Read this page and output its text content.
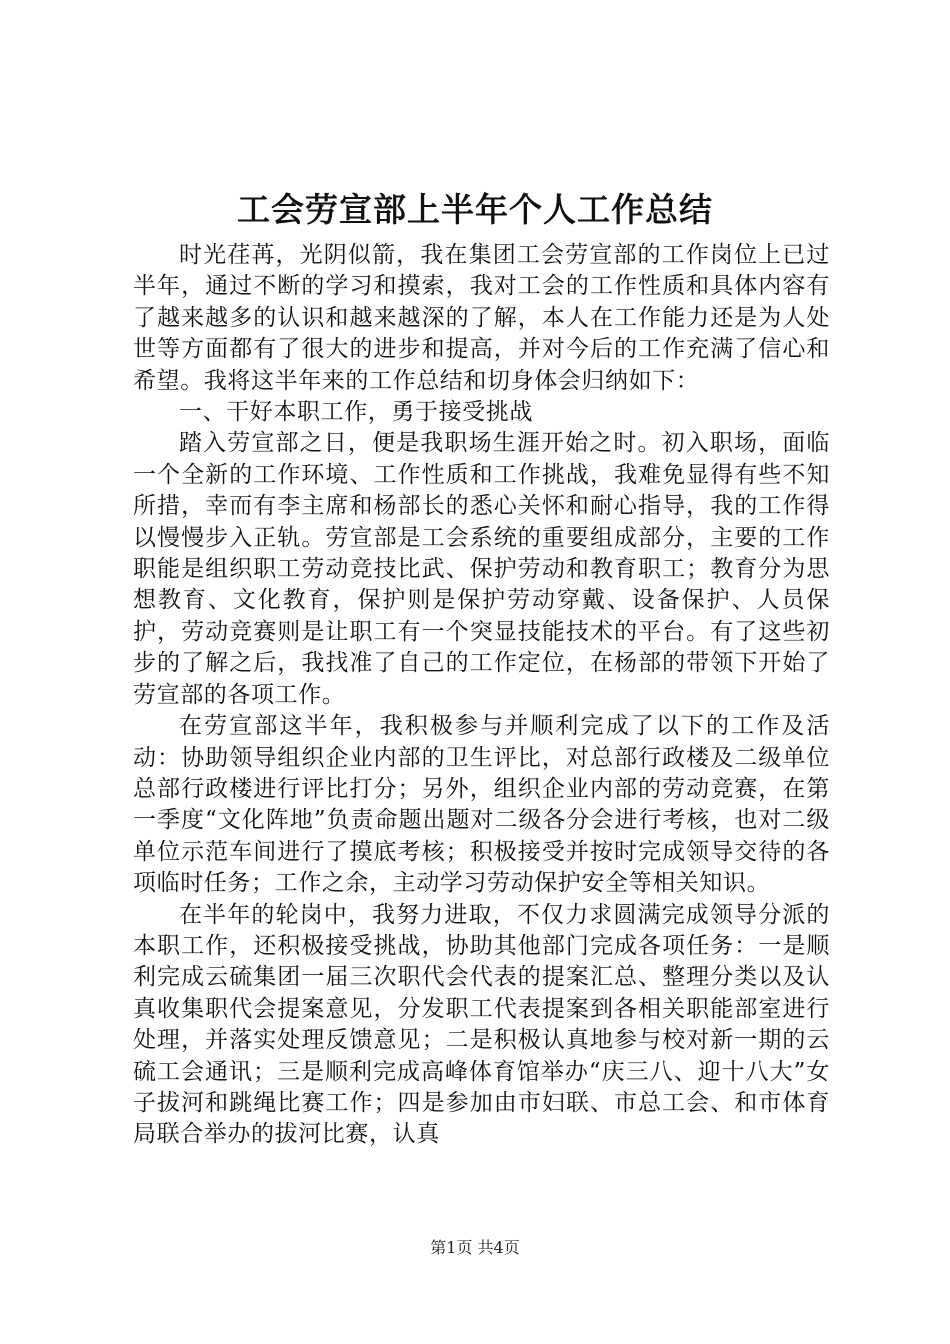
工会劳宣部上半年个人工作总结

时光荏苒，光阴似箭，我在集团工会劳宣部的工作岗位上已过半年，通过不断的学习和摸索，我对工会的工作性质和具体内容有了越来越多的认识和越来越深的了解，本人在工作能力还是为人处世等方面都有了很大的进步和提高，并对今后的工作充满了信心和希望。我将这半年来的工作总结和切身体会归纳如下：

一、干好本职工作，勇于接受挑战

踏入劳宣部之日，便是我职场生涯开始之时。初入职场，面临一个全新的工作环境、工作性质和工作挑战，我难免显得有些不知所措，幸而有李主席和杨部长的悉心关怀和耐心指导，我的工作得以慢慢步入正轨。劳宣部是工会系统的重要组成部分，主要的工作职能是组织职工劳动竞技比武、保护劳动和教育职工；教育分为思想教育、文化教育，保护则是保护劳动穿戴、设备保护、人员保护，劳动竞赛则是让职工有一个突显技能技术的平台。有了这些初步的了解之后，我找准了自己的工作定位，在杨部的带领下开始了劳宣部的各项工作。

在劳宣部这半年，我积极参与并顺利完成了以下的工作及活动：协助领导组织企业内部的卫生评比，对总部行政楼及二级单位总部行政楼进行评比打分；另外，组织企业内部的劳动竞赛，在第一季度“文化阵地”负责命题出题对二级各分会进行考核，也对二级单位示范车间进行了摸底考核；积极接受并按时完成领导交待的各项临时任务；工作之余，主动学习劳动保护安全等相关知识。

在半年的轮岗中，我努力进取，不仅力求圆满完成领导分派的本职工作，还积极接受挑战，协助其他部门完成各项任务：一是顺利完成云硫集团一届三次职代会代表的提案汇总、整理分类以及认真收集职代会提案意见，分发职工代表提案到各相关职能部室进行处理，并落实处理反馈意见；二是积极认真地参与校对新一期的云硫工会通讯；三是顺利完成高峰体育馆举办“庆三八、迎十八大”女子拔河和跳绳比赛工作；四是参加由市妇联、市总工会、和市体育局联合举办的拔河比赛，认真

第1页 共4页
